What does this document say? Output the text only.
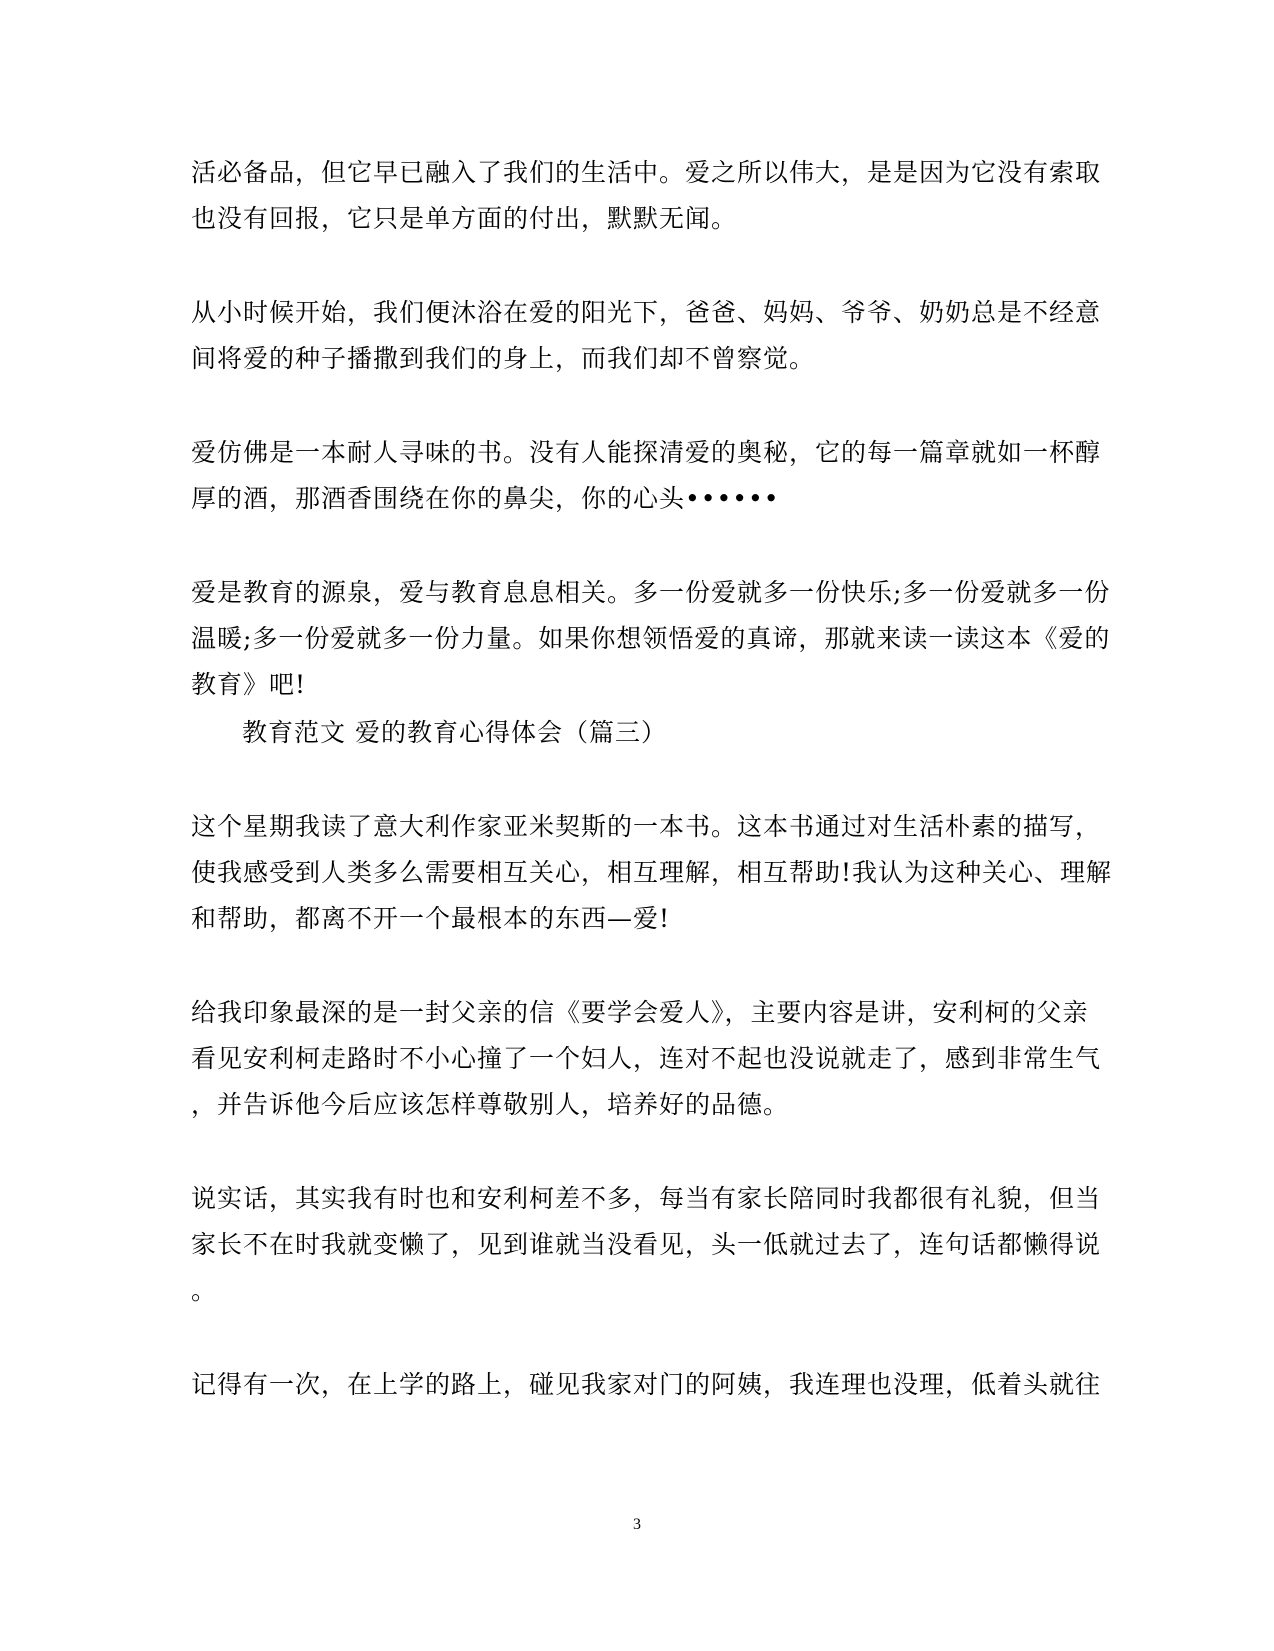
活必备品，但它早已融入了我们的生活中。爱之所以伟大，是是因为它没有索取
也没有回报，它只是单方面的付出，默默无闻。
从小时候开始，我们便沐浴在爱的阳光下，爸爸、妈妈、爷爷、奶奶总是不经意
间将爱的种子播撒到我们的身上，而我们却不曾察觉。
爱仿佛是一本耐人寻味的书。没有人能探清爱的奥秘，它的每一篇章就如一杯醇
厚的酒，那酒香围绕在你的鼻尖，你的心头••••••
爱是教育的源泉，爱与教育息息相关。多一份爱就多一份快乐;多一份爱就多一份
温暖;多一份爱就多一份力量。如果你想领悟爱的真谛，那就来读一读这本《爱的
教育》吧!
教育范文 爱的教育心得体会（篇三）
这个星期我读了意大利作家亚米契斯的一本书。这本书通过对生活朴素的描写，
使我感受到人类多么需要相互关心，相互理解，相互帮助!我认为这种关心、理解
和帮助，都离不开一个最根本的东西—爱!
给我印象最深的是一封父亲的信《要学会爱人》，主要内容是讲，安利柯的父亲
看见安利柯走路时不小心撞了一个妇人，连对不起也没说就走了，感到非常生气
，并告诉他今后应该怎样尊敬别人，培养好的品德。
说实话，其实我有时也和安利柯差不多，每当有家长陪同时我都很有礼貌，但当
家长不在时我就变懒了，见到谁就当没看见，头一低就过去了，连句话都懒得说
。
记得有一次，在上学的路上，碰见我家对门的阿姨，我连理也没理，低着头就往
3
